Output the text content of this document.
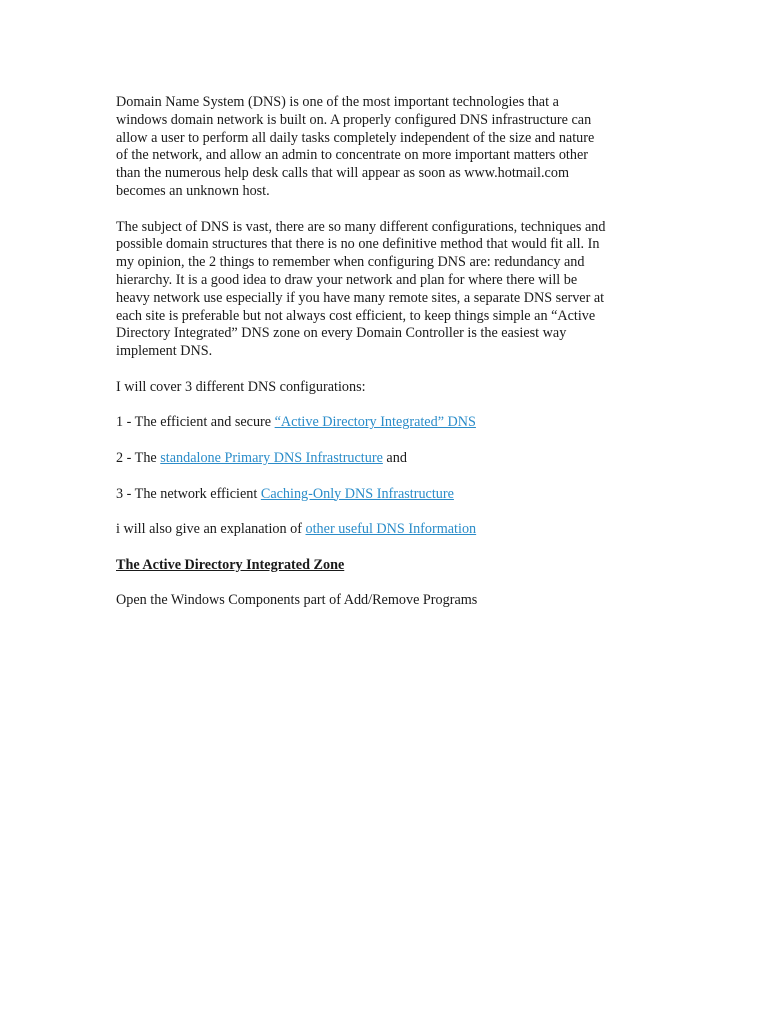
Domain Name System (DNS) is one of the most important technologies that a
windows domain network is built on. A properly configured DNS infrastructure can
allow a user to perform all daily tasks completely independent of the size and nature
of the network, and allow an admin to concentrate on more important matters other
than the numerous help desk calls that will appear as soon as www.hotmail.com
becomes an unknown host.

The subject of DNS is vast, there are so many different configurations, techniques and
possible domain structures that there is no one definitive method that would fit all. In
my opinion, the 2 things to remember when configuring DNS are: redundancy and
hierarchy. It is a good idea to draw your network and plan for where there will be
heavy network use especially if you have many remote sites, a separate DNS server at
each site is preferable but not always cost efficient, to keep things simple an “Active
Directory Integrated” DNS zone on every Domain Controller is the easiest way
implement DNS.

I will cover 3 different DNS configurations:

1 - The efficient and secure “Active Directory Integrated” DNS

2 - The standalone Primary DNS Infrastructure and

3 - The network efficient Caching-Only DNS Infrastructure

i will also give an explanation of other useful DNS Information

The Active Directory Integrated Zone

Open the Windows Components part of Add/Remove Programs
